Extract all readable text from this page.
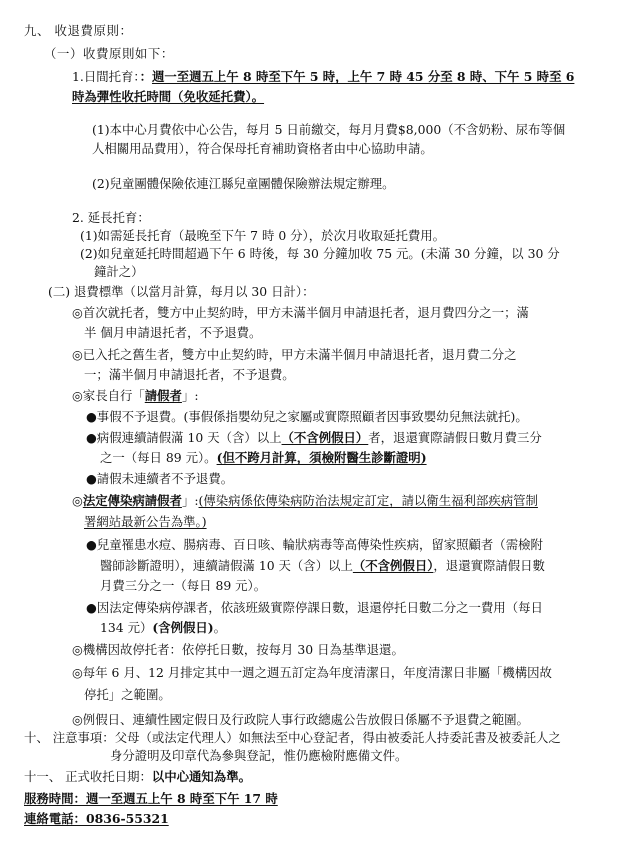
九、 收退費原則：
（一）收費原則如下：
1.日間托育：：週一至週五上午 8 時至下午 5 時，上午 7 時 45 分至 8 時、下午 5 時至 6
時為彈性收托時間（免收延托費）。
(1)本中心月費依中心公告，每月 5 日前繳交，每月月費$8,000（不含奶粉、尿布等個
人相關用品費用），符合保母托育補助資格者由中心協助申請。
(2)兒童團體保險依連江縣兒童團體保險辦法規定辦理。
2. 延長托育：
(1)如需延長托育（最晚至下午 7 時 0 分），於次月收取延托費用。
(2)如兒童延托時間超過下午 6 時後，每 30 分鐘加收 75 元。(未滿 30 分鐘，以 30 分
鐘計之）
(二) 退費標準（以當月計算，每月以 30 日計）：
◎首次就托者，雙方中止契約時，甲方未滿半個月申請退托者，退月費四分之一；滿
半 個月申請退托者，不予退費。
◎已入托之舊生者，雙方中止契約時，甲方未滿半個月申請退托者，退月費二分之
一；滿半個月申請退托者，不予退費。
◎家長自行「請假者」:
●事假不予退費。(事假係指嬰幼兒之家屬或實際照顧者因事致嬰幼兒無法就托)。
●病假連續請假滿 10 天（含）以上（不含例假日）者，退還實際請假日數月費三分
之一（每日 89 元）。(但不跨月計算，須檢附醫生診斷證明)
●請假未連續者不予退費。
◎法定傳染病請假者」:(傳染病係依傳染病防治法規定訂定，請以衛生福利部疾病管制
署網站最新公告為準。)
●兒童罹患水痘、腸病毒、百日咳、輪狀病毒等高傳染性疾病，留家照顧者（需檢附
醫師診斷證明），連續請假滿 10 天（含）以上（不含例假日），退還實際請假日數
月費三分之一（每日 89 元）。
●因法定傳染病停課者，依該班級實際停課日數，退還停托日數二分之一費用（每日
134 元）(含例假日)。
◎機構因故停托者：依停托日數，按每月 30 日為基準退還。
◎每年 6 月、12 月排定其中一週之週五訂定為年度清潔日，年度清潔日非屬「機構因故
停托」之範圍。
◎例假日、連續性國定假日及行政院人事行政總處公告放假日係屬不予退費之範圍。
十、 注意事項：父母（或法定代理人）如無法至中心登記者，得由被委託人持委託書及被委託人之
身分證明及印章代為參與登記，惟仍應檢附應備文件。
十一、 正式收托日期：以中心通知為準。
服務時間：週一至週五上午 8 時至下午 17 時
連絡電話：0836-55321
